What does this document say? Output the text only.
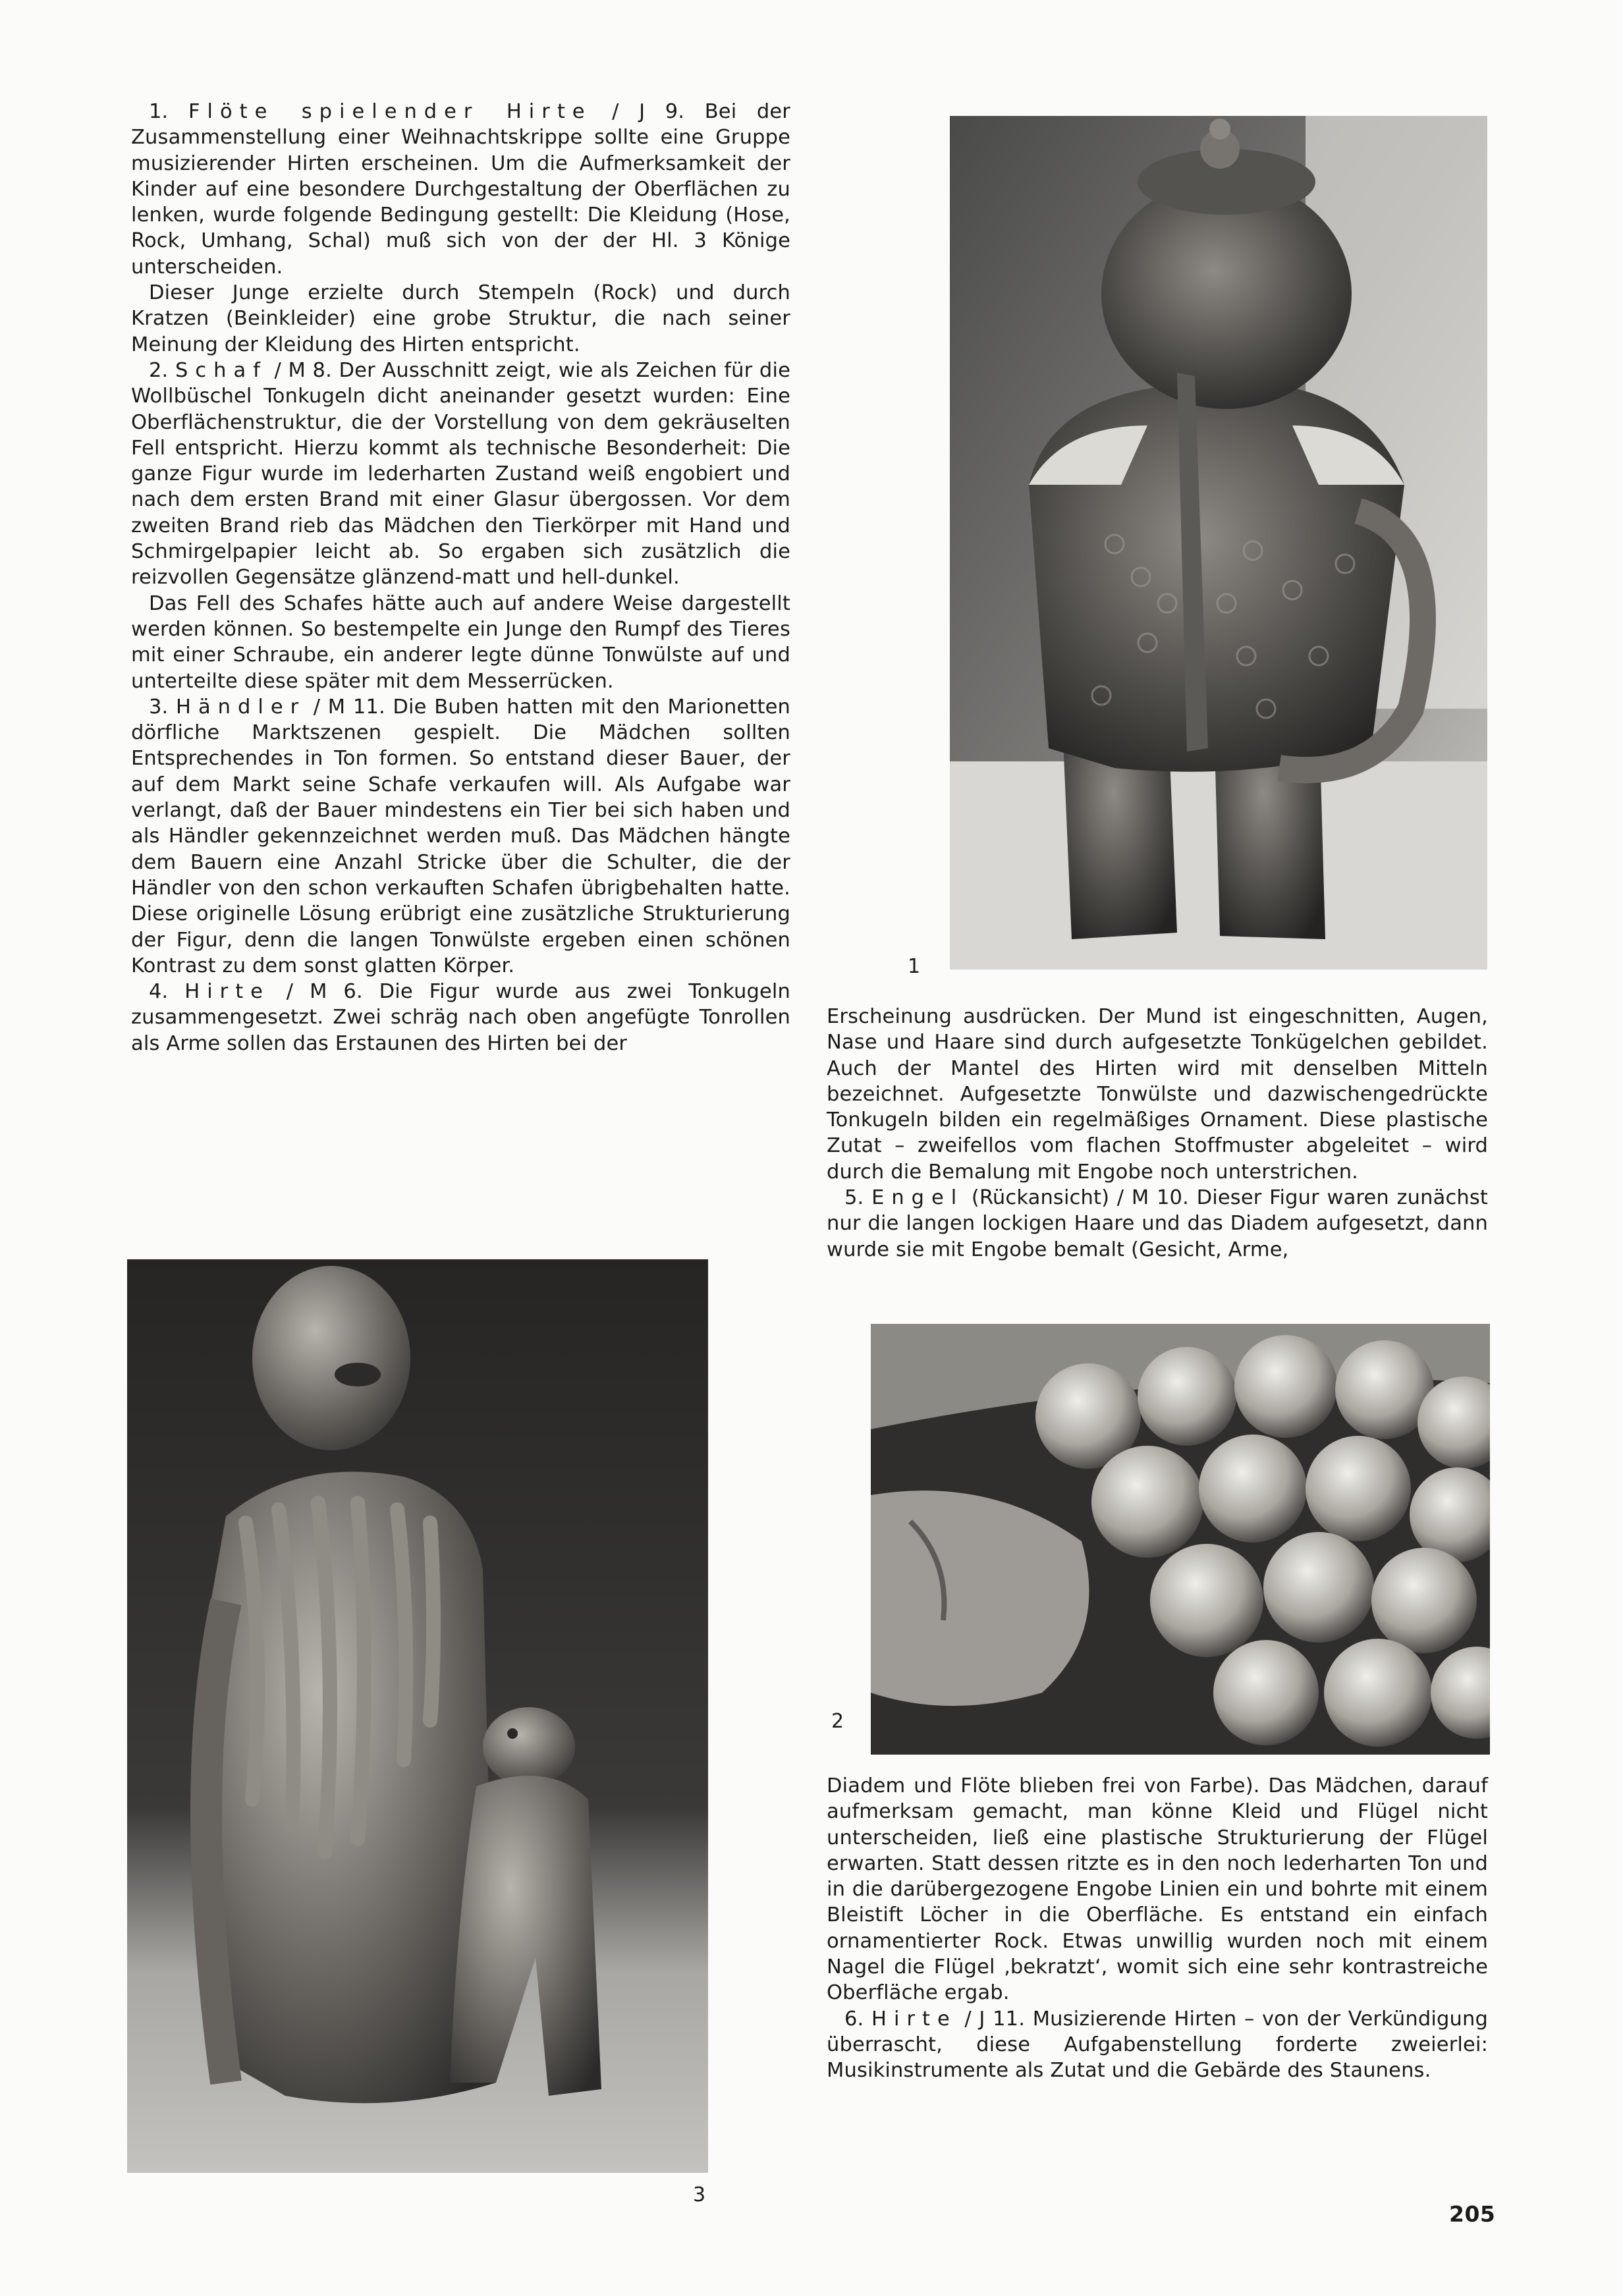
1. Flöte spielender Hirte / J 9. Bei der Zusammenstellung einer Weihnachtskrippe sollte eine Gruppe musizierender Hirten erscheinen. Um die Aufmerksamkeit der Kinder auf eine besondere Durchgestaltung der Oberflächen zu lenken, wurde folgende Bedingung gestellt: Die Kleidung (Hose, Rock, Umhang, Schal) muß sich von der der Hl. 3 Könige unterscheiden.

Dieser Junge erzielte durch Stempeln (Rock) und durch Kratzen (Beinkleider) eine grobe Struktur, die nach seiner Meinung der Kleidung des Hirten entspricht.

2. Schaf / M 8. Der Ausschnitt zeigt, wie als Zeichen für die Wollbüschel Tonkugeln dicht aneinander gesetzt wurden: Eine Oberflächenstruktur, die der Vorstellung von dem gekräuselten Fell entspricht. Hierzu kommt als technische Besonderheit: Die ganze Figur wurde im lederharten Zustand weiß engobiert und nach dem ersten Brand mit einer Glasur übergossen. Vor dem zweiten Brand rieb das Mädchen den Tierkörper mit Hand und Schmirgelpapier leicht ab. So ergaben sich zusätzlich die reizvollen Gegensätze glänzend-matt und hell-dunkel.

Das Fell des Schafes hätte auch auf andere Weise dargestellt werden können. So bestempelte ein Junge den Rumpf des Tieres mit einer Schraube, ein anderer legte dünne Tonwülste auf und unterteilte diese später mit dem Messerrücken.

3. Händler / M 11. Die Buben hatten mit den Marionetten dörfliche Marktszenen gespielt. Die Mädchen sollten Entsprechendes in Ton formen. So entstand dieser Bauer, der auf dem Markt seine Schafe verkaufen will. Als Aufgabe war verlangt, daß der Bauer mindestens ein Tier bei sich haben und als Händler gekennzeichnet werden muß. Das Mädchen hängte dem Bauern eine Anzahl Stricke über die Schulter, die der Händler von den schon verkauften Schafen übrigbehalten hatte. Diese originelle Lösung erübrigt eine zusätzliche Strukturierung der Figur, denn die langen Tonwülste ergeben einen schönen Kontrast zu dem sonst glatten Körper.

4. Hirte / M 6. Die Figur wurde aus zwei Tonkugeln zusammengesetzt. Zwei schräg nach oben angefügte Tonrollen als Arme sollen das Erstaunen des Hirten bei der

Erscheinung ausdrücken. Der Mund ist eingeschnitten, Augen, Nase und Haare sind durch aufgesetzte Tonkügelchen gebildet. Auch der Mantel des Hirten wird mit denselben Mitteln bezeichnet. Aufgesetzte Tonwülste und dazwischengedrückte Tonkugeln bilden ein regelmäßiges Ornament. Diese plastische Zutat – zweifellos vom flachen Stoffmuster abgeleitet – wird durch die Bemalung mit Engobe noch unterstrichen.

5. Engel (Rückansicht) / M 10. Dieser Figur waren zunächst nur die langen lockigen Haare und das Diadem aufgesetzt, dann wurde sie mit Engobe bemalt (Gesicht, Arme,

Diadem und Flöte blieben frei von Farbe). Das Mädchen, darauf aufmerksam gemacht, man könne Kleid und Flügel nicht unterscheiden, ließ eine plastische Strukturierung der Flügel erwarten. Statt dessen ritzte es in den noch lederharten Ton und in die darübergezogene Engobe Linien ein und bohrte mit einem Bleistift Löcher in die Oberfläche. Es entstand ein einfach ornamentierter Rock. Etwas unwillig wurden noch mit einem Nagel die Flügel ‚bekratzt‘, womit sich eine sehr kontrastreiche Oberfläche ergab.

6. Hirte / J 11. Musizierende Hirten – von der Verkündigung überrascht, diese Aufgabenstellung forderte zweierlei: Musikinstrumente als Zutat und die Gebärde des Staunens.

1
2
3
205
